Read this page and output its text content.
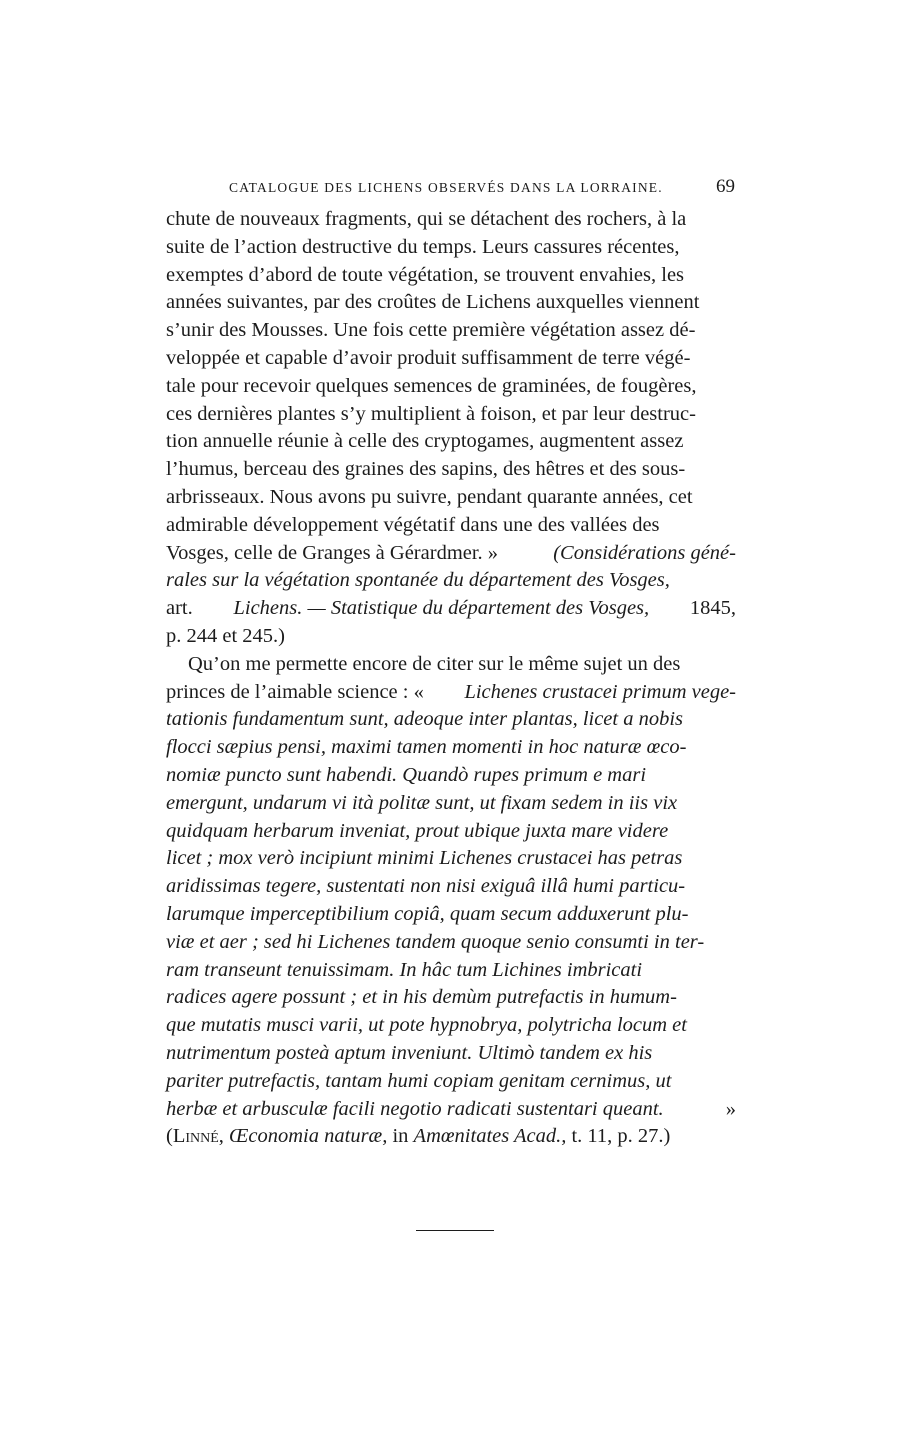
CATALOGUE DES LICHENS OBSERVÉS DANS LA LORRAINE.	69
chute de nouveaux fragments, qui se détachent des rochers, à la
suite de l’action destructive du temps. Leurs cassures récentes,
exemptes d’abord de toute végétation, se trouvent envahies, les
années suivantes, par des croûtes de Lichens auxquelles viennent
s’unir des Mousses. Une fois cette première végétation assez dé-
veloppée et capable d’avoir produit suffisamment de terre végé-
tale pour recevoir quelques semences de graminées, de fougères,
ces dernières plantes s’y multiplient à foison, et par leur destruc-
tion annuelle réunie à celle des cryptogames, augmentent assez
l’humus, berceau des graines des sapins, des hêtres et des sous-
arbrisseaux. Nous avons pu suivre, pendant quarante années, cet
admirable développement végétatif dans une des vallées des
Vosges, celle de Granges à Gérardmer. »	(Considérations géné-
rales sur la végétation spontanée du département des Vosges,
art. Lichens. — Statistique du département des Vosges, 1845,
p. 244 et 245.)
Qu’on me permette encore de citer sur le même sujet un des
princes de l’aimable science : « Lichenes crustacei primum vege-
tationis fundamentum sunt, adeoque inter plantas, licet a nobis
flocci sæpius pensi, maximi tamen momenti in hoc naturæ œco-
nomiæ puncto sunt habendi. Quandò rupes primum e mari
emergunt, undarum vi ità politæ sunt, ut fixam sedem in iis vix
quidquam herbarum inveniat, prout ubique juxta mare videre
licet ; mox verò incipiunt minimi Lichenes crustacei has petras
aridissimas tegere, sustentati non nisi exiguâ illâ humi particu-
larumque imperceptibilium copiâ, quam secum adduxerunt plu-
viæ et aer ; sed hi Lichenes tandem quoque senio consumti in ter-
ram transeunt tenuissimam. In hâc tum Lichines imbricati
radices agere possunt ; et in his demùm putrefactis in humum-
que mutatis musci varii, ut pote hypnobrya, polytricha locum et
nutrimentum posteà aptum inveniunt. Ultimò tandem ex his
pariter putrefactis, tantam humi copiam genitam cernimus, ut
herbæ et arbusculæ facili negotio radicati sustentari queant.	»
(Linné, Œconomia naturæ, in Amœnitates Acad., t. 11, p. 27.)
